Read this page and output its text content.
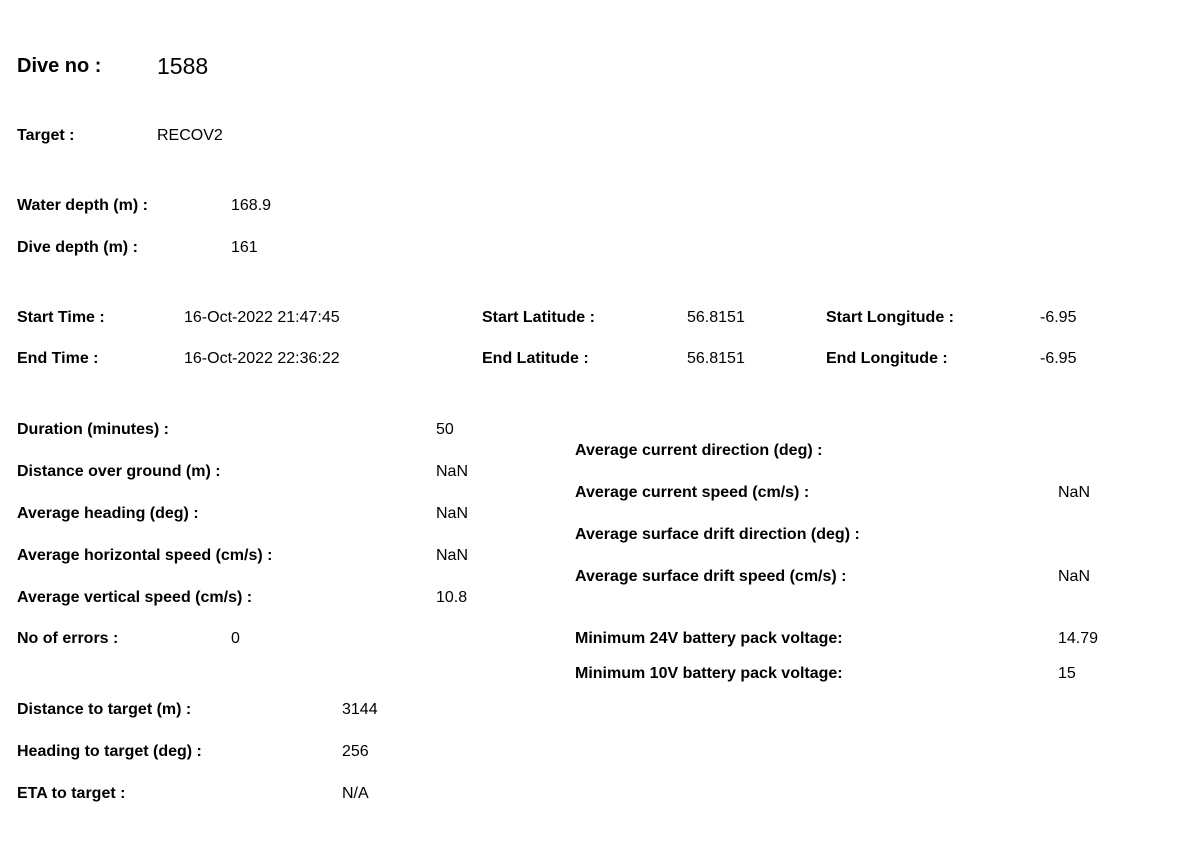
Dive no : 1588
Target :	RECOV2
Water depth (m) :	168.9
Dive depth (m) :	161
Start Time :	16-Oct-2022 21:47:45	Start Latitude :	56.8151	Start Longitude :	-6.95
End Time :	16-Oct-2022 22:36:22	End Latitude :	56.8151	End Longitude :	-6.95
Duration (minutes) :	50
Distance over ground (m) :	NaN
Average heading (deg) :	NaN
Average horizontal speed (cm/s) :	NaN
Average vertical speed (cm/s) :	10.8
No of errors :	0
Average current direction (deg) :
Average current speed (cm/s) :	NaN
Average surface drift direction (deg) :
Average surface drift speed (cm/s) :	NaN
Minimum 24V battery pack voltage:	14.79
Minimum 10V battery pack voltage:	15
Distance to target (m) :	3144
Heading to target (deg) :	256
ETA to target :	N/A
